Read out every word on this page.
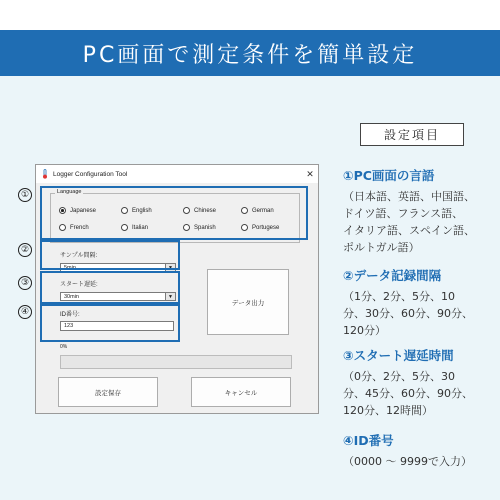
PC画面で測定条件を簡単設定
Logger Configuration Tool	✕
Language
Japanese	English	Chinese	German
French	Italian	Spanish	Portugese
サンプル間隔:
5min	▼
スタート遅延:
30min	▼
ID番号:
123
データ出力
0%
設定保存	キャンセル
①
②
③
④
設定項目
①PC画面の言語
（日本語、英語、中国語、
ドイツ語、フランス語、
イタリア語、スペイン語、
ポルトガル語）
②データ記録間隔
（1分、2分、5分、10
分、30分、60分、90分、
120分）
③スタート遅延時間
（0分、2分、5分、30
分、45分、60分、90分、
120分、12時間）
④ID番号
（0000 〜 9999で入力）
